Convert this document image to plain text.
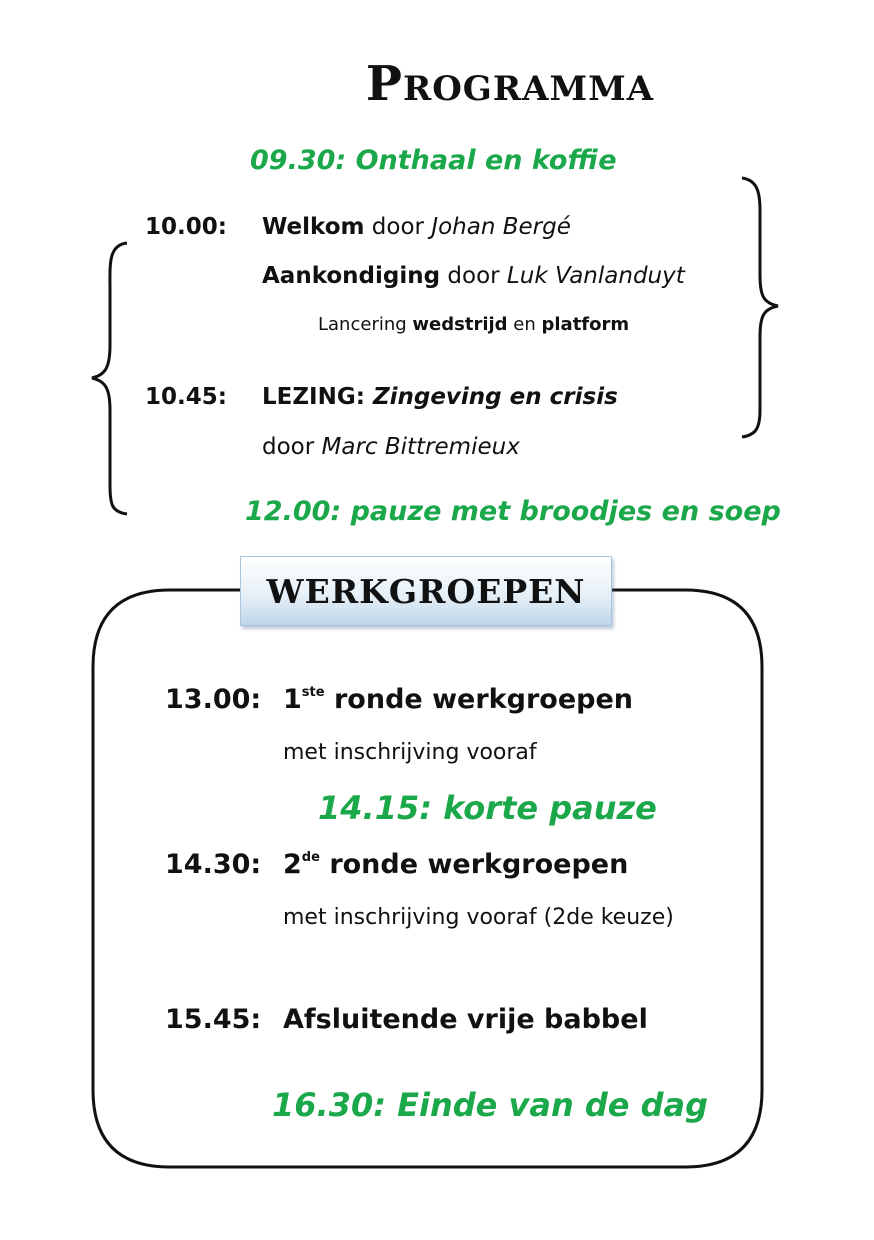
Programma
09.30: Onthaal en koffie
10.00: Welkom door Johan Bergé
Aankondiging door Luk Vanlanduyt
Lancering wedstrijd en platform
10.45: LEZING: Zingeving en crisis
door Marc Bittremieux
12.00: pauze met broodjes en soep
WERKGROEPEN
13.00: 1ste ronde werkgroepen
met inschrijving vooraf
14.15: korte pauze
14.30: 2de ronde werkgroepen
met inschrijving vooraf (2de keuze)
15.45: Afsluitende vrije babbel
16.30: Einde van de dag
